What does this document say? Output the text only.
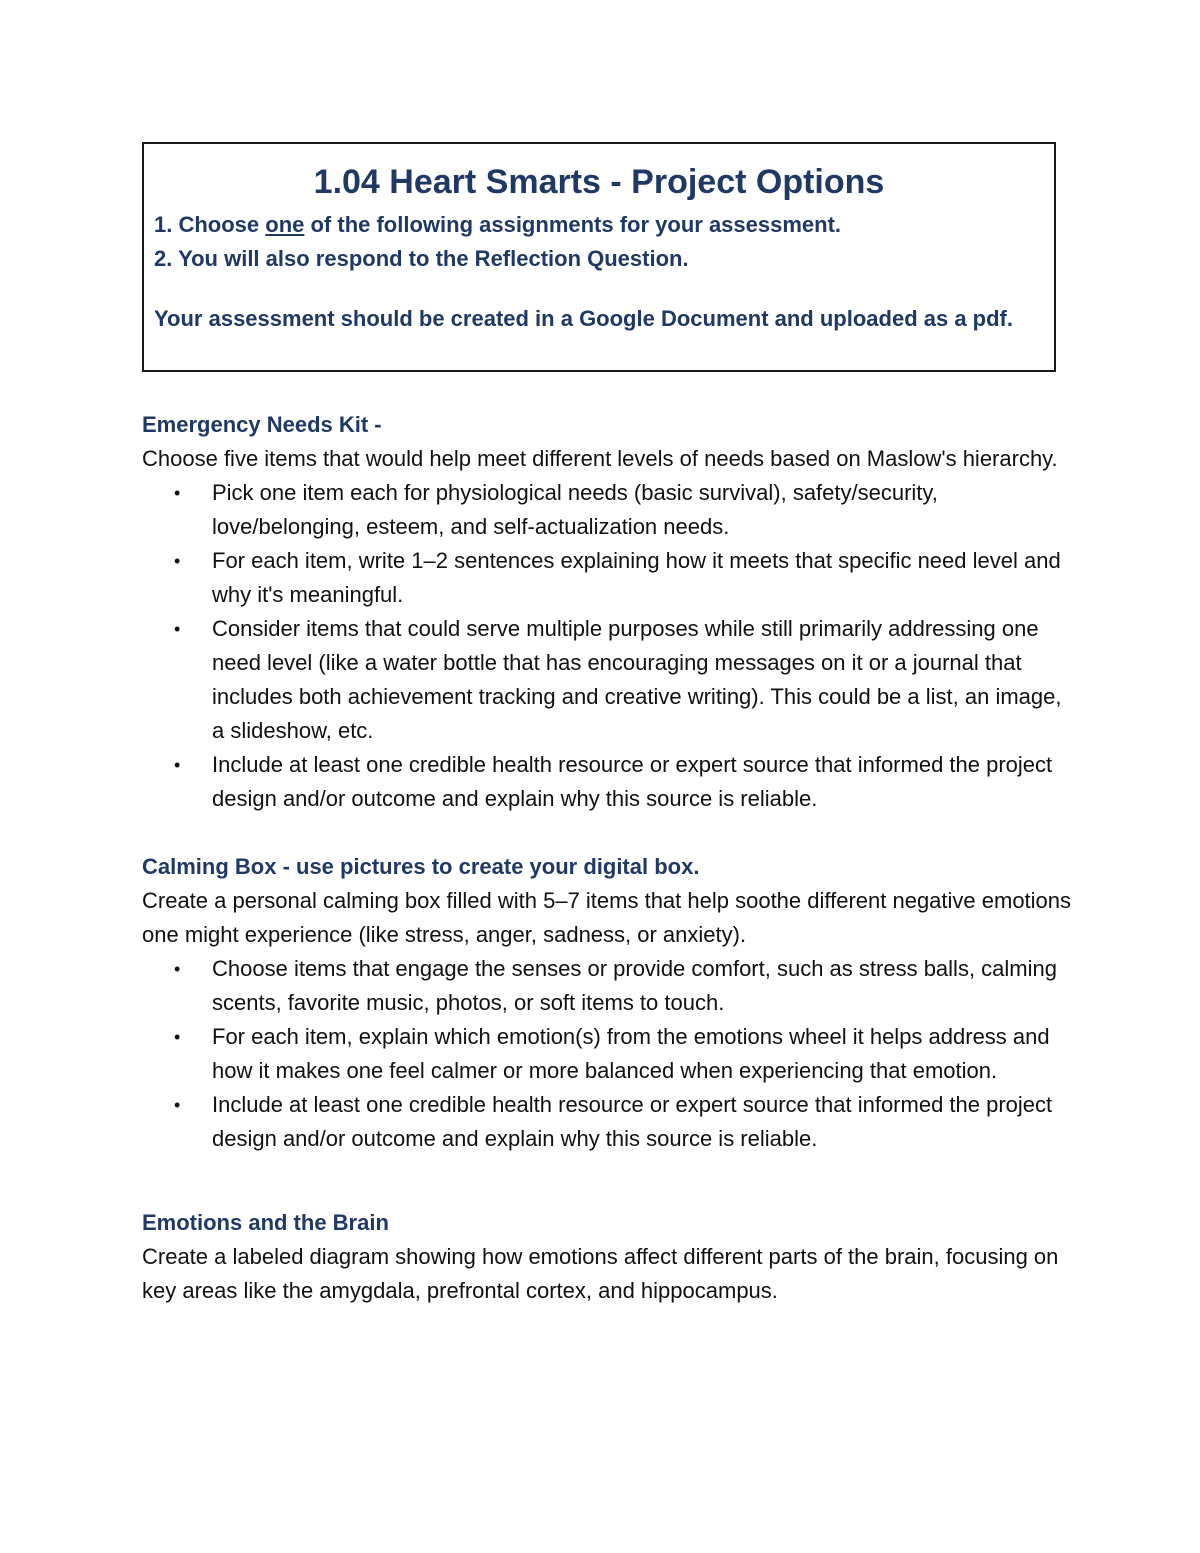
1.04 Heart Smarts - Project Options

1. Choose one of the following assignments for your assessment.

2. You will also respond to the Reflection Question.

Your assessment should be created in a Google Document and uploaded as a pdf.

Emergency Needs Kit -

Choose five items that would help meet different levels of needs based on Maslow's hierarchy.

• Pick one item each for physiological needs (basic survival), safety/security, love/belonging, esteem, and self-actualization needs.
• For each item, write 1–2 sentences explaining how it meets that specific need level and why it's meaningful.
• Consider items that could serve multiple purposes while still primarily addressing one need level (like a water bottle that has encouraging messages on it or a journal that includes both achievement tracking and creative writing). This could be a list, an image, a slideshow, etc.
• Include at least one credible health resource or expert source that informed the project design and/or outcome and explain why this source is reliable.

Calming Box - use pictures to create your digital box.

Create a personal calming box filled with 5–7 items that help soothe different negative emotions one might experience (like stress, anger, sadness, or anxiety).

• Choose items that engage the senses or provide comfort, such as stress balls, calming scents, favorite music, photos, or soft items to touch.
• For each item, explain which emotion(s) from the emotions wheel it helps address and how it makes one feel calmer or more balanced when experiencing that emotion.
• Include at least one credible health resource or expert source that informed the project design and/or outcome and explain why this source is reliable.

Emotions and the Brain

Create a labeled diagram showing how emotions affect different parts of the brain, focusing on key areas like the amygdala, prefrontal cortex, and hippocampus.
